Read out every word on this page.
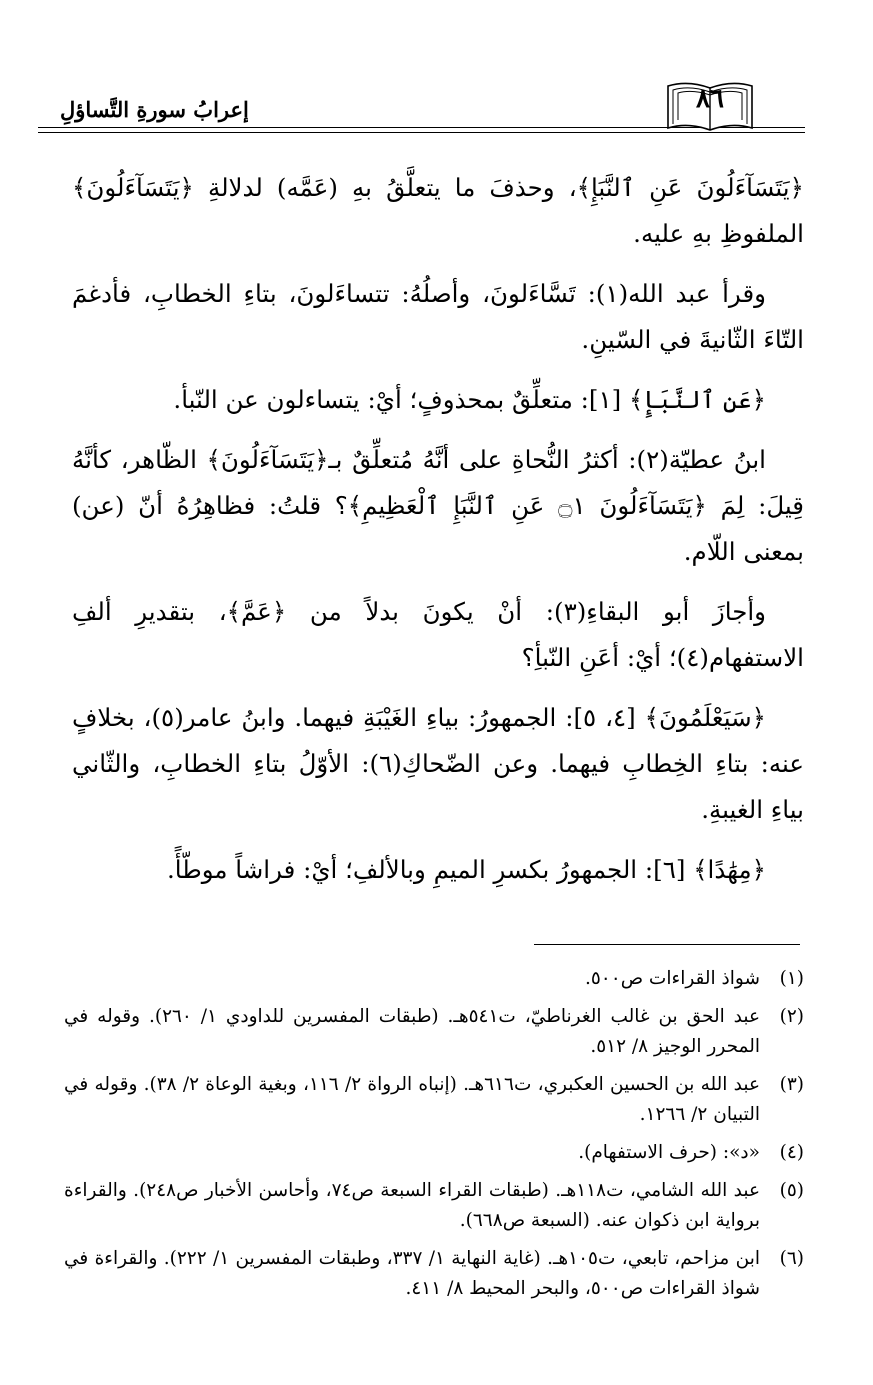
إعرابُ سورةِ التَّساؤلِ	٨٦

﴿يَتَسَآءَلُونَ عَنِ ٱلنَّبَإِ﴾، وحذفَ ما يتعلَّقُ بهِ (عَمَّه) لدلالةِ ﴿يَتَسَآءَلُونَ﴾ الملفوظِ بهِ عليه.

وقرأ عبد الله(١): تَسَّاءَلونَ، وأصلُهُ: تتساءَلونَ، بتاءِ الخطابِ، فأدغمَ التّاءَ الثّانيةَ في السّينِ.

﴿عَنِ ٱلنَّبَإِ﴾ [١]: متعلِّقٌ بمحذوفٍ؛ أيْ: يتساءلون عن النّبأ.

ابنُ عطيّة(٢): أكثرُ النُّحاةِ على أنَّهُ مُتعلِّقٌ بـ﴿يَتَسَآءَلُونَ﴾ الظّاهر، كأنَّهُ قِيلَ: لِمَ ﴿يَتَسَآءَلُونَ ۝١ عَنِ ٱلنَّبَإِ ٱلْعَظِيمِ﴾؟ قلتُ: فظاهِرُهُ أنّ (عن) بمعنى اللّام.

وأجازَ أبو البقاءِ(٣): أنْ يكونَ بدلاً من ﴿عَمَّ﴾، بتقديرِ ألفِ الاستفهام(٤)؛ أيْ: أعَنِ النّبأِ؟

﴿سَيَعْلَمُونَ﴾ [٤، ٥]: الجمهورُ: بياءِ الغَيْبَةِ فيهما. وابنُ عامر(٥)، بخلافٍ عنه: بتاءِ الخِطابِ فيهما. وعن الضّحاكِ(٦): الأوّلُ بتاءِ الخطابِ، والثّاني بياءِ الغيبةِ.

﴿مِهَٰدًا﴾ [٦]: الجمهورُ بكسرِ الميمِ وبالألفِ؛ أيْ: فراشاً موطّأً.

(١)
شواذ القراءات ص٥٠٠.
(٢)
عبد الحق بن غالب الغرناطيّ، ت٥٤١هـ. (طبقات المفسرين للداودي ١/ ٢٦٠). وقوله في المحرر الوجيز ٨/ ٥١٢.
(٣)
عبد الله بن الحسين العكبري، ت٦١٦هـ. (إنباه الرواة ٢/ ١١٦، وبغية الوعاة ٢/ ٣٨). وقوله في التبيان ٢/ ١٢٦٦.
(٤)
«د»: (حرف الاستفهام).
(٥)
عبد الله الشامي، ت١١٨هـ. (طبقات القراء السبعة ص٧٤، وأحاسن الأخبار ص٢٤٨). والقراءة برواية ابن ذكوان عنه. (السبعة ص٦٦٨).
(٦)
ابن مزاحم، تابعي، ت١٠٥هـ. (غاية النهاية ١/ ٣٣٧، وطبقات المفسرين ١/ ٢٢٢). والقراءة في شواذ القراءات ص٥٠٠، والبحر المحيط ٨/ ٤١١.
